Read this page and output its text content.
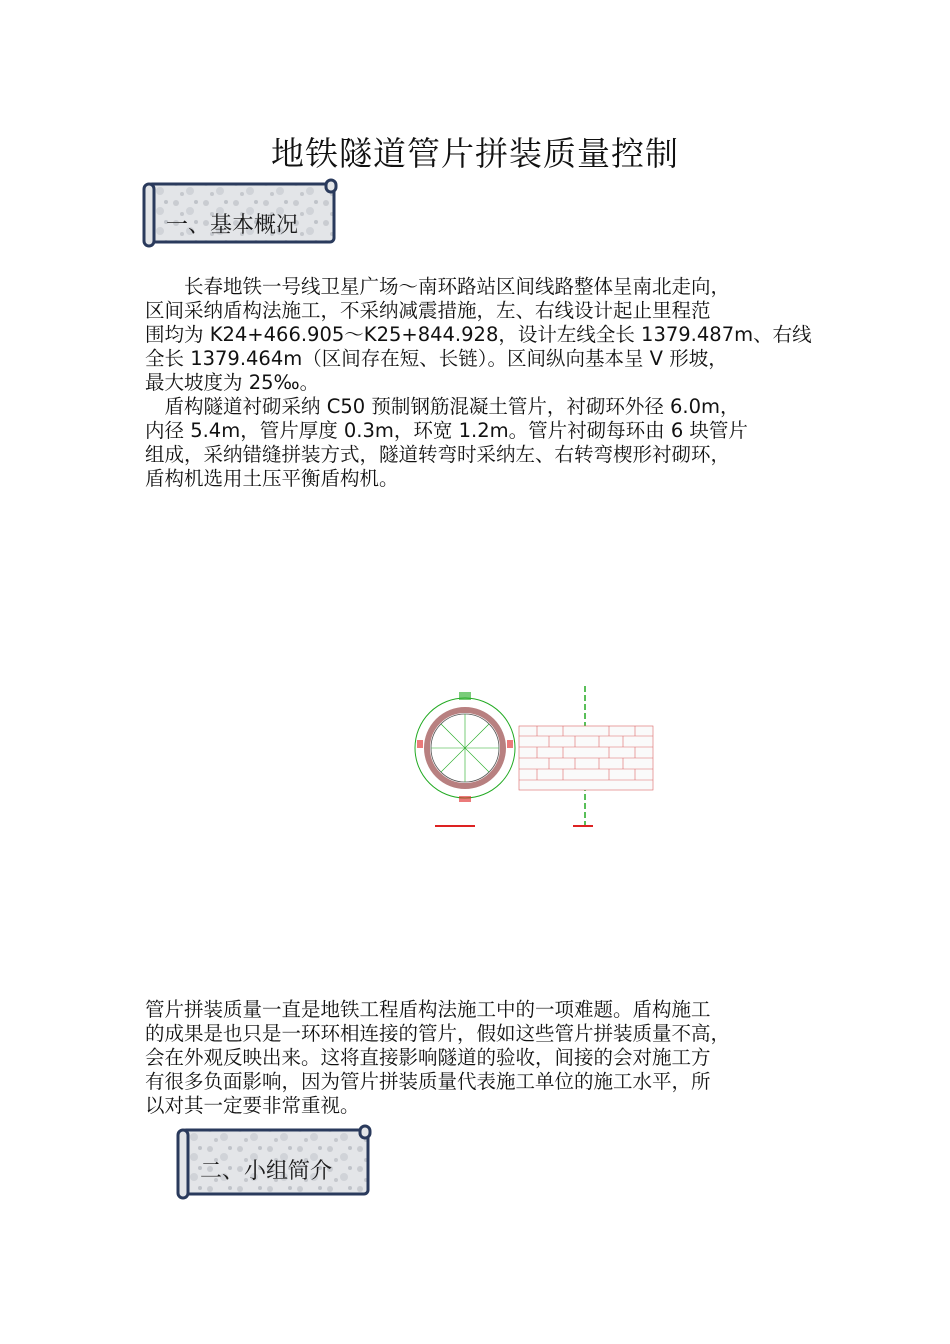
地铁隧道管片拼装质量控制
一、基本概况
　　长春地铁一号线卫星广场～南环路站区间线路整体呈南北走向，
区间采纳盾构法施工，不采纳减震措施，左、右线设计起止里程范
围均为 K24+466.905～K25+844.928，设计左线全长 1379.487m、右线
全长 1379.464m（区间存在短、长链）。区间纵向基本呈 V 形坡，
最大坡度为 25‰。
　盾构隧道衬砌采纳 C50 预制钢筋混凝土管片，衬砌环外径 6.0m，
内径 5.4m，管片厚度 0.3m，环宽 1.2m。管片衬砌每环由 6 块管片
组成，采纳错缝拼装方式，隧道转弯时采纳左、右转弯楔形衬砌环，
盾构机选用土压平衡盾构机。
管片拼装质量一直是地铁工程盾构法施工中的一项难题。盾构施工
的成果是也只是一环环相连接的管片，假如这些管片拼装质量不高，
会在外观反映出来。这将直接影响隧道的验收，间接的会对施工方
有很多负面影响，因为管片拼装质量代表施工单位的施工水平，所
以对其一定要非常重视。
二、小组简介
